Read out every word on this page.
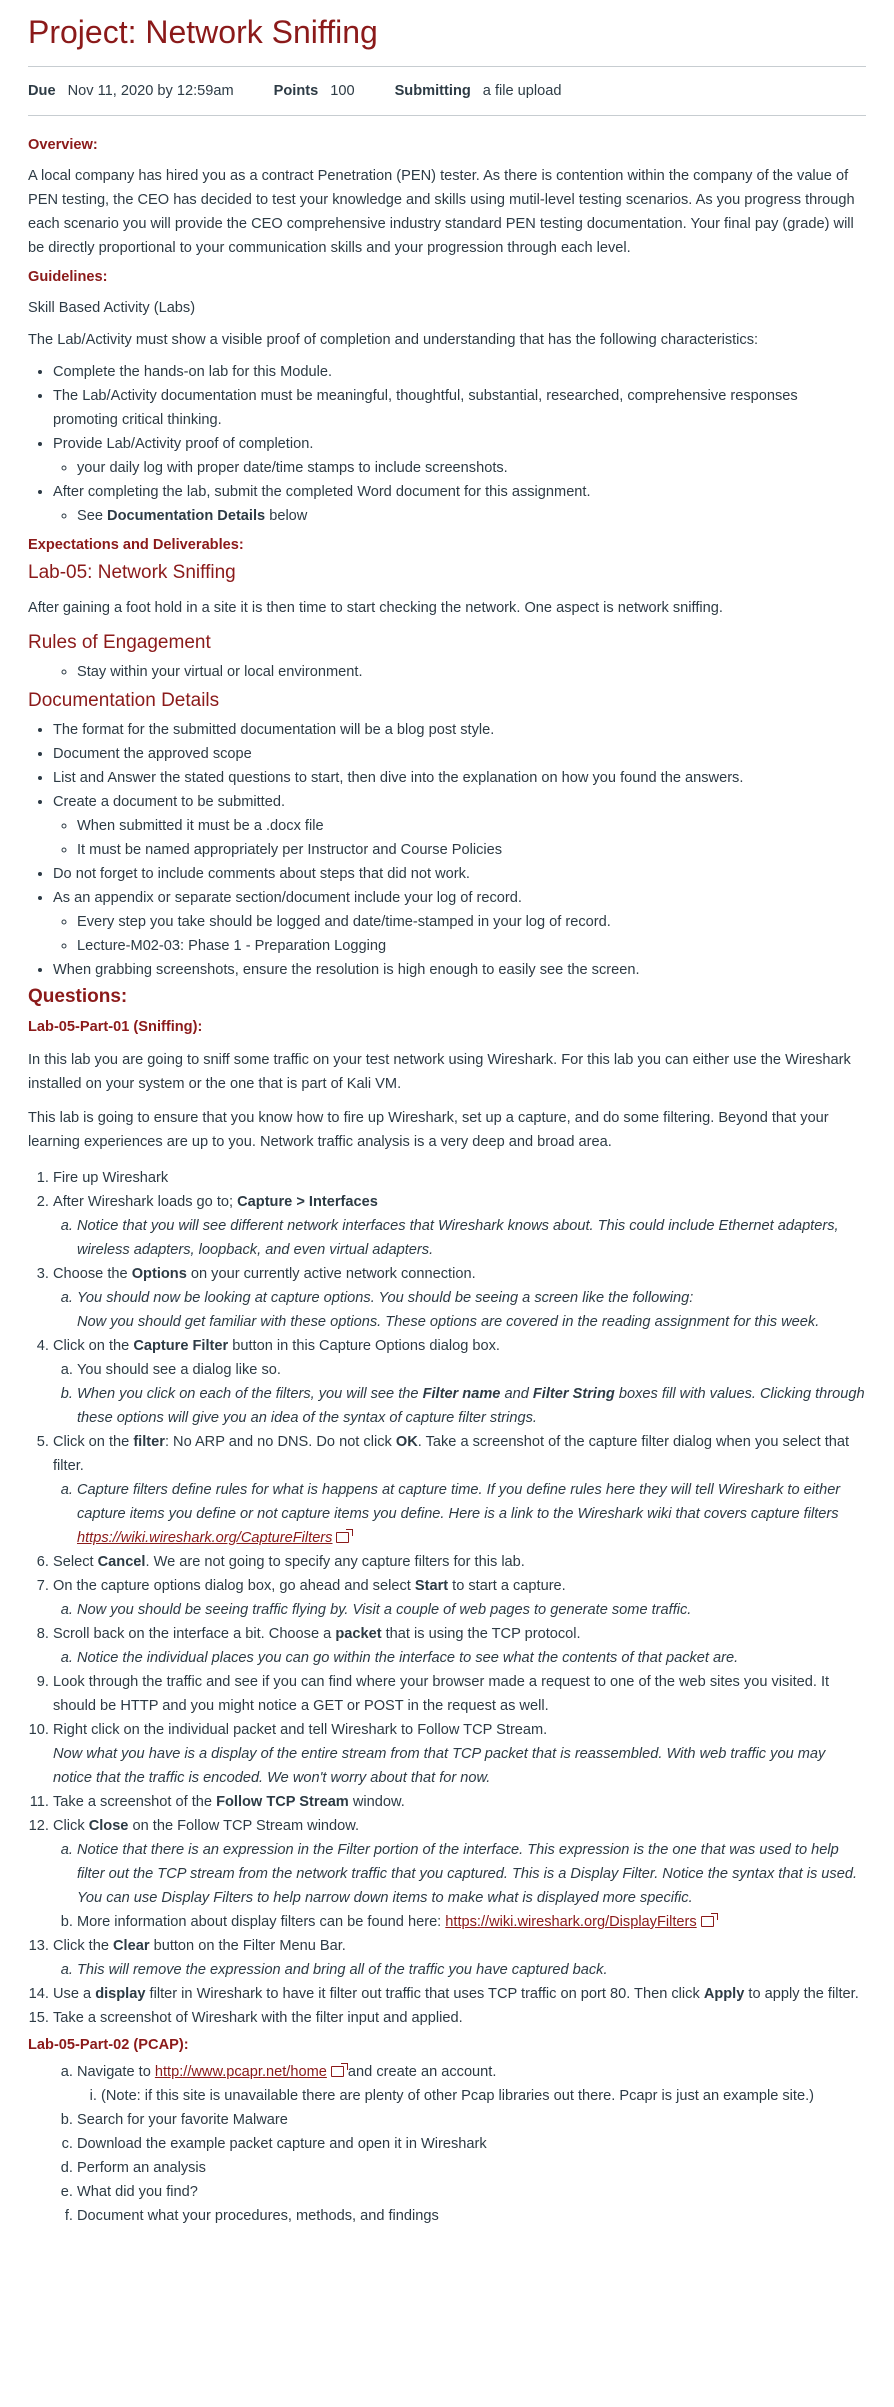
Project: Network Sniffing
Due Nov 11, 2020 by 12:59am	Points 100	Submitting a file upload
Overview:

A local company has hired you as a contract Penetration (PEN) tester. As there is contention within the company of the value of PEN testing, the CEO has decided to test your knowledge and skills using mutil-level testing scenarios. As you progress through each scenario you will provide the CEO comprehensive industry standard PEN testing documentation. Your final pay (grade) will be directly proportional to your communication skills and your progression through each level.

Guidelines:

Skill Based Activity (Labs)

The Lab/Activity must show a visible proof of completion and understanding that has the following characteristics:

• Complete the hands-on lab for this Module.
• The Lab/Activity documentation must be meaningful, thoughtful, substantial, researched, comprehensive responses promoting critical thinking.
• Provide Lab/Activity proof of completion.
◦ your daily log with proper date/time stamps to include screenshots.
• After completing the lab, submit the completed Word document for this assignment.
◦ See Documentation Details below
Expectations and Deliverables:
Lab-05: Network Sniffing

After gaining a foot hold in a site it is then time to start checking the network. One aspect is network sniffing.

Rules of Engagement
◦ Stay within your virtual or local environment.
Documentation Details
• The format for the submitted documentation will be a blog post style.
• Document the approved scope
• List and Answer the stated questions to start, then dive into the explanation on how you found the answers.
• Create a document to be submitted.
◦ When submitted it must be a .docx file
◦ It must be named appropriately per Instructor and Course Policies
• Do not forget to include comments about steps that did not work.
• As an appendix or separate section/document include your log of record.
◦ Every step you take should be logged and date/time-stamped in your log of record.
◦ Lecture-M02-03: Phase 1 - Preparation Logging
• When grabbing screenshots, ensure the resolution is high enough to easily see the screen.
Questions:
Lab-05-Part-01 (Sniffing):

In this lab you are going to sniff some traffic on your test network using Wireshark. For this lab you can either use the Wireshark installed on your system or the one that is part of Kali VM.

This lab is going to ensure that you know how to fire up Wireshark, set up a capture, and do some filtering. Beyond that your learning experiences are up to you. Network traffic analysis is a very deep and broad area.

1. Fire up Wireshark
2. After Wireshark loads go to; Capture > Interfaces
a. Notice that you will see different network interfaces that Wireshark knows about. This could include Ethernet adapters, wireless adapters, loopback, and even virtual adapters.
3. Choose the Options on your currently active network connection.
a. You should now be looking at capture options. You should be seeing a screen like the following:
Now you should get familiar with these options. These options are covered in the reading assignment for this week.
4. Click on the Capture Filter button in this Capture Options dialog box.
a. You should see a dialog like so.
b. When you click on each of the filters, you will see the Filter name and Filter String boxes fill with values. Clicking through these options will give you an idea of the syntax of capture filter strings.
5. Click on the filter: No ARP and no DNS. Do not click OK. Take a screenshot of the capture filter dialog when you select that filter.
a. Capture filters define rules for what is happens at capture time. If you define rules here they will tell Wireshark to either capture items you define or not capture items you define. Here is a link to the Wireshark wiki that covers capture filters https://wiki.wireshark.org/CaptureFilters
6. Select Cancel. We are not going to specify any capture filters for this lab.
7. On the capture options dialog box, go ahead and select Start to start a capture.
a. Now you should be seeing traffic flying by. Visit a couple of web pages to generate some traffic.
8. Scroll back on the interface a bit. Choose a packet that is using the TCP protocol.
a. Notice the individual places you can go within the interface to see what the contents of that packet are.
9. Look through the traffic and see if you can find where your browser made a request to one of the web sites you visited. It should be HTTP and you might notice a GET or POST in the request as well.
10. Right click on the individual packet and tell Wireshark to Follow TCP Stream.
Now what you have is a display of the entire stream from that TCP packet that is reassembled. With web traffic you may notice that the traffic is encoded. We won't worry about that for now.
11. Take a screenshot of the Follow TCP Stream window.
12. Click Close on the Follow TCP Stream window.
a. Notice that there is an expression in the Filter portion of the interface. This expression is the one that was used to help filter out the TCP stream from the network traffic that you captured. This is a Display Filter. Notice the syntax that is used. You can use Display Filters to help narrow down items to make what is displayed more specific.
b. More information about display filters can be found here: https://wiki.wireshark.org/DisplayFilters
13. Click the Clear button on the Filter Menu Bar.
a. This will remove the expression and bring all of the traffic you have captured back.
14. Use a display filter in Wireshark to have it filter out traffic that uses TCP traffic on port 80. Then click Apply to apply the filter.
15. Take a screenshot of Wireshark with the filter input and applied.
Lab-05-Part-02 (PCAP):
a. Navigate to http://www.pcapr.net/home and create an account.
i. (Note: if this site is unavailable there are plenty of other Pcap libraries out there. Pcapr is just an example site.)
b. Search for your favorite Malware
c. Download the example packet capture and open it in Wireshark
d. Perform an analysis
e. What did you find?
f. Document what your procedures, methods, and findings
